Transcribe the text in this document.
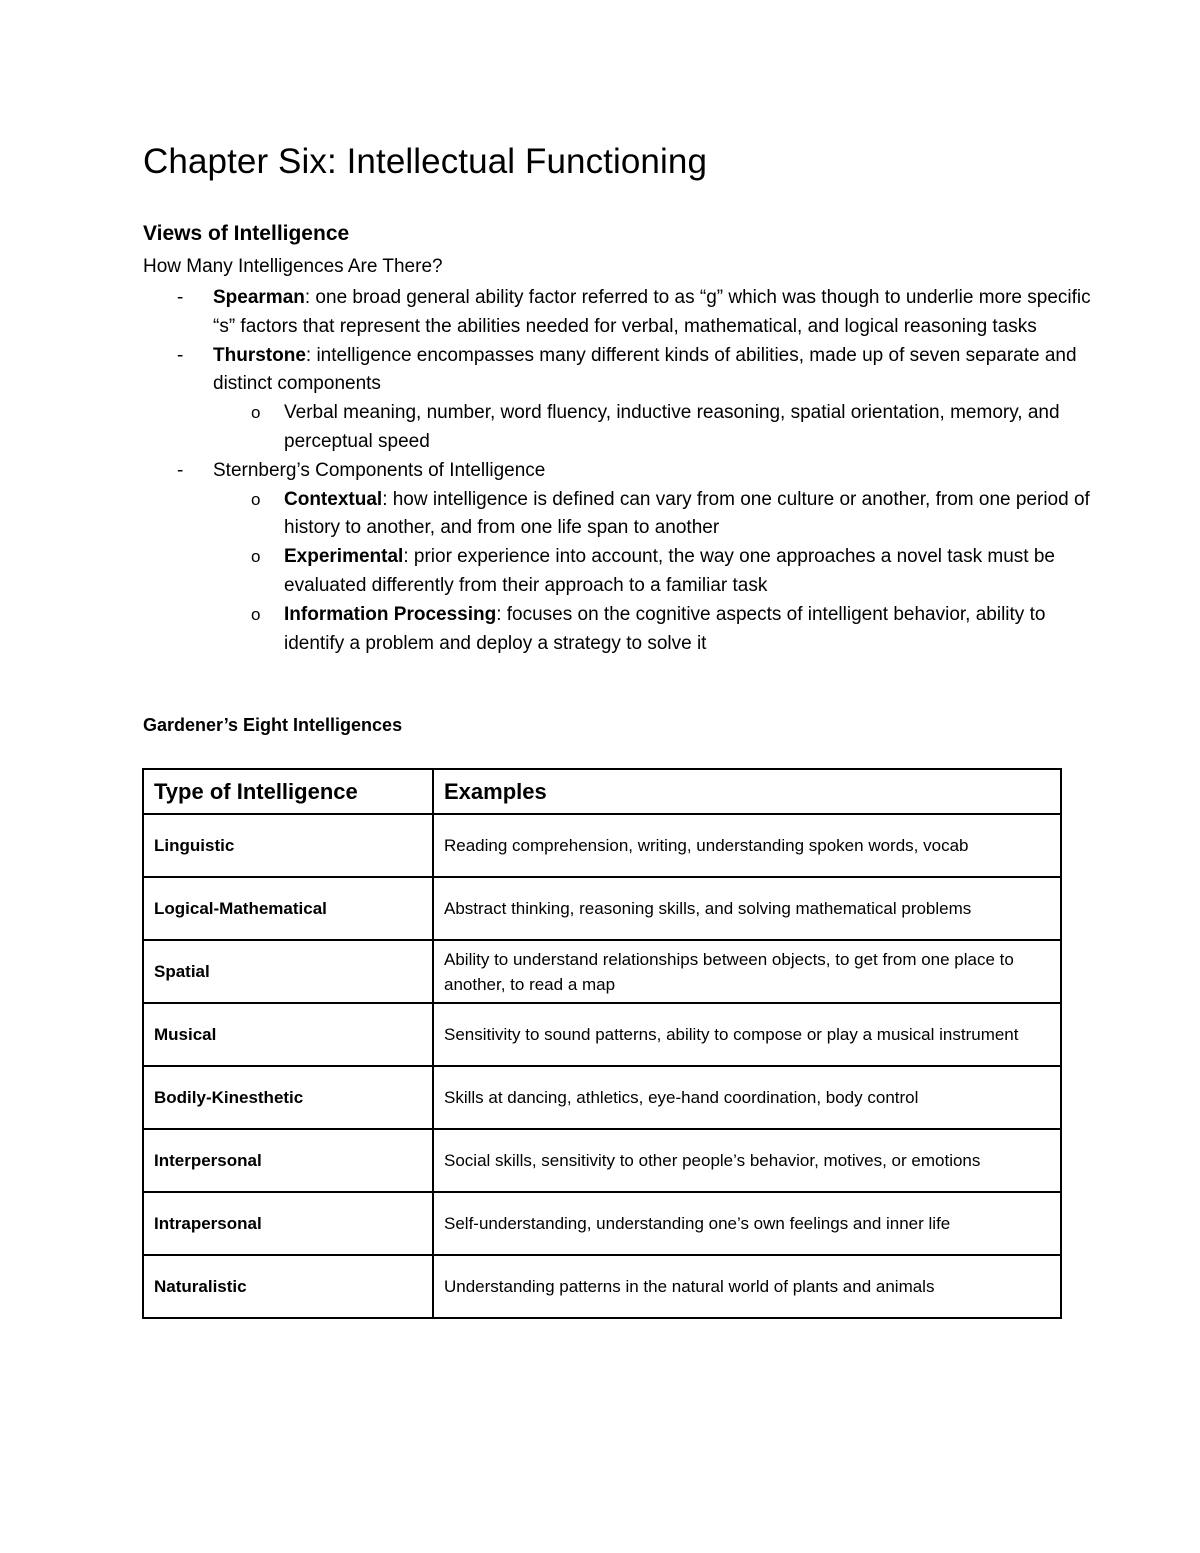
Chapter Six: Intellectual Functioning
Views of Intelligence
How Many Intelligences Are There?
- Spearman: one broad general ability factor referred to as “g” which was though to underlie more specific “s” factors that represent the abilities needed for verbal, mathematical, and logical reasoning tasks
- Thurstone: intelligence encompasses many different kinds of abilities, made up of seven separate and distinct components
o Verbal meaning, number, word fluency, inductive reasoning, spatial orientation, memory, and perceptual speed
- Sternberg’s Components of Intelligence
o Contextual: how intelligence is defined can vary from one culture or another, from one period of history to another, and from one life span to another
o Experimental: prior experience into account, the way one approaches a novel task must be evaluated differently from their approach to a familiar task
o Information Processing: focuses on the cognitive aspects of intelligent behavior, ability to identify a problem and deploy a strategy to solve it
Gardener’s Eight Intelligences
Type of Intelligence	Examples
Linguistic	Reading comprehension, writing, understanding spoken words, vocab
Logical-Mathematical	Abstract thinking, reasoning skills, and solving mathematical problems
Spatial	Ability to understand relationships between objects, to get from one place to another, to read a map
Musical	Sensitivity to sound patterns, ability to compose or play a musical instrument
Bodily-Kinesthetic	Skills at dancing, athletics, eye-hand coordination, body control
Interpersonal	Social skills, sensitivity to other people’s behavior, motives, or emotions
Intrapersonal	Self-understanding, understanding one’s own feelings and inner life
Naturalistic	Understanding patterns in the natural world of plants and animals
